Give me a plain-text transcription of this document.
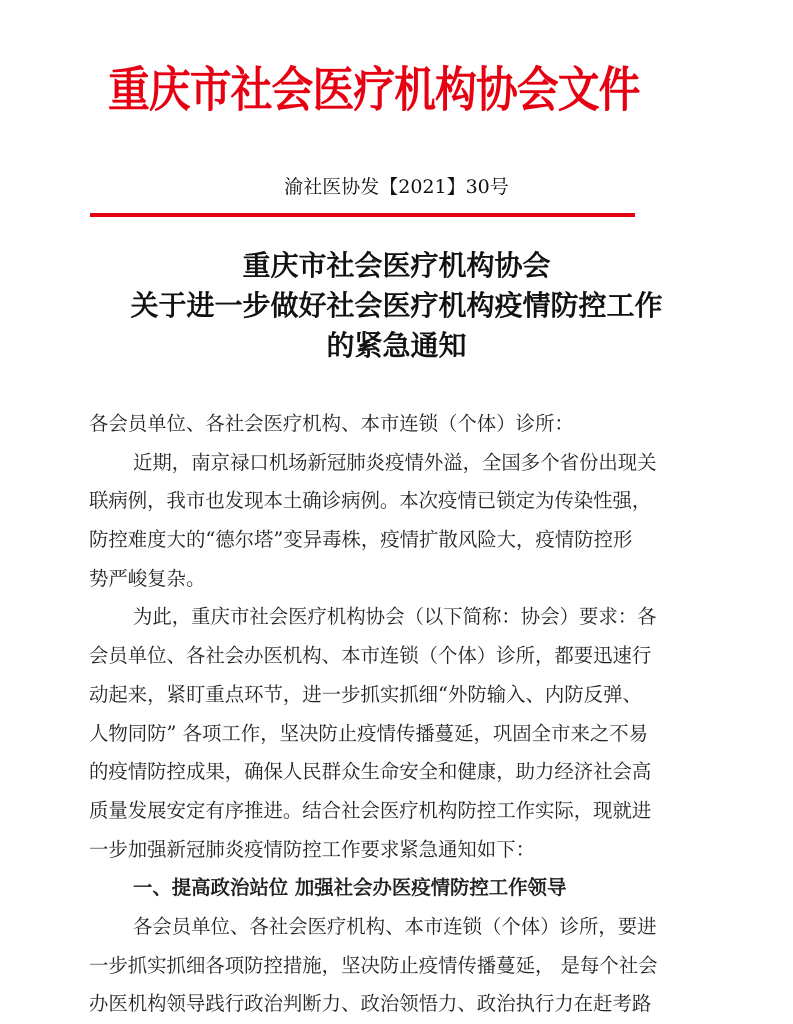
重庆市社会医疗机构协会文件
渝社医协发【2021】30号
重庆市社会医疗机构协会
关于进一步做好社会医疗机构疫情防控工作
的紧急通知
各会员单位、各社会医疗机构、本市连锁（个体）诊所：
近期，南京禄口机场新冠肺炎疫情外溢，全国多个省份出现关
联病例，我市也发现本土确诊病例。本次疫情已锁定为传染性强，
防控难度大的“德尔塔”变异毒株，疫情扩散风险大，疫情防控形
势严峻复杂。
为此，重庆市社会医疗机构协会（以下简称：协会）要求：各
会员单位、各社会办医机构、本市连锁（个体）诊所，都要迅速行
动起来，紧盯重点环节，进一步抓实抓细“外防输入、内防反弹、
人物同防” 各项工作，坚决防止疫情传播蔓延，巩固全市来之不易
的疫情防控成果，确保人民群众生命安全和健康，助力经济社会高
质量发展安定有序推进。结合社会医疗机构防控工作实际，现就进
一步加强新冠肺炎疫情防控工作要求紧急通知如下：
一、提高政治站位 加强社会办医疫情防控工作领导
各会员单位、各社会医疗机构、本市连锁（个体）诊所，要进
一步抓实抓细各项防控措施，坚决防止疫情传播蔓延， 是每个社会
办医机构领导践行政治判断力、政治领悟力、政治执行力在赶考路
